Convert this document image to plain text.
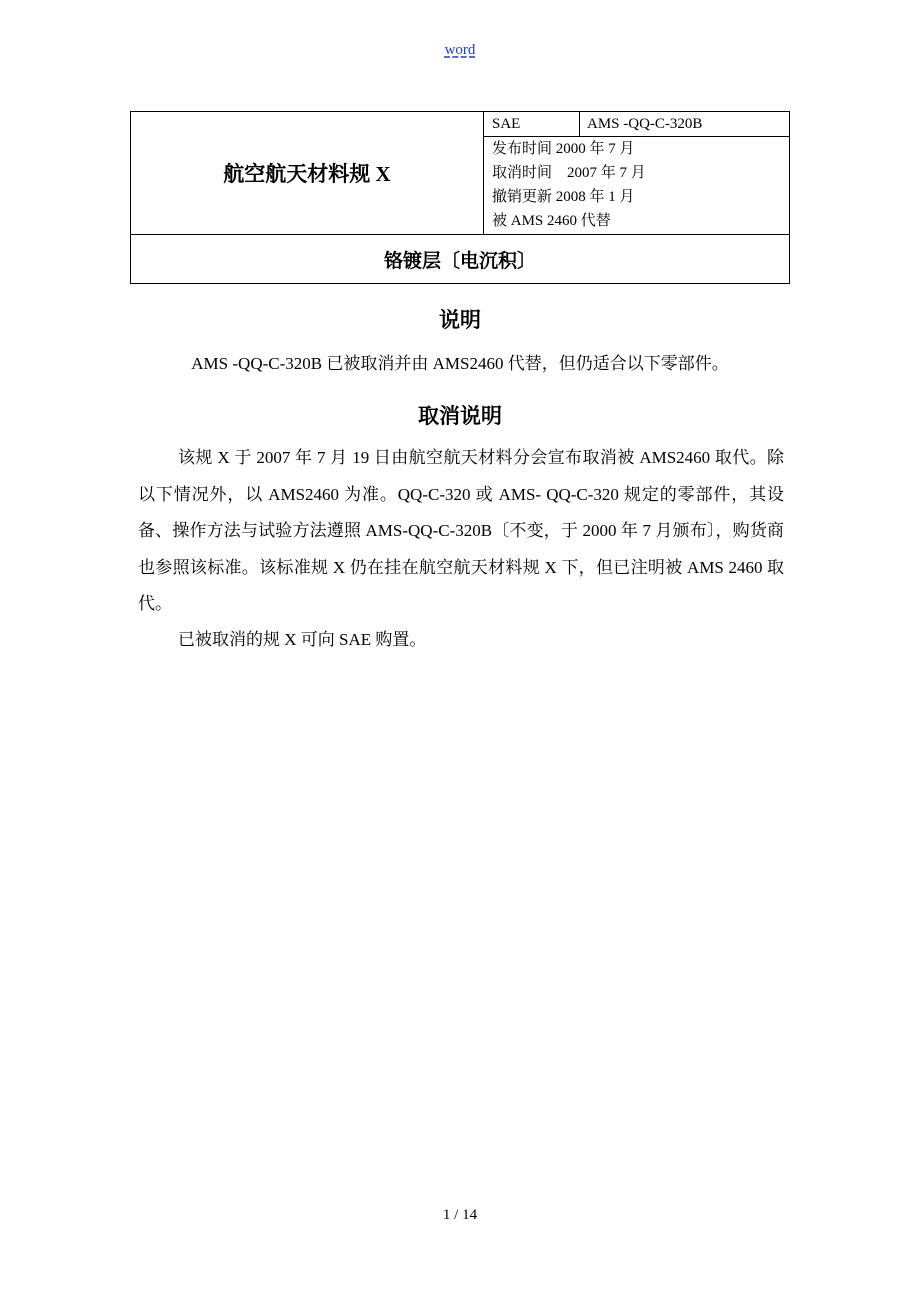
word
航空航天材料规 X	SAE	AMS -QQ-C-320B

发布时间 2000 年 7 月
取消时间    2007 年 7 月
撤销更新 2008 年 1 月
被 AMS 2460 代替

铬镀层〔电沉积〕
说明
AMS -QQ-C-320B 已被取消并由 AMS2460 代替，但仍适合以下零部件。
取消说明
该规 X 于 2007 年 7 月 19 日由航空航天材料分会宣布取消被 AMS2460 取代。除以下情况外，以 AMS2460 为准。QQ-C-320 或 AMS- QQ-C-320 规定的零部件，其设备、操作方法与试验方法遵照 AMS-QQ-C-320B〔不变，于 2000 年 7 月颁布〕，购货商也参照该标准。该标准规 X 仍在挂在航空航天材料规 X 下，但已注明被 AMS 2460 取代。
已被取消的规 X 可向 SAE 购置。
1 / 14
